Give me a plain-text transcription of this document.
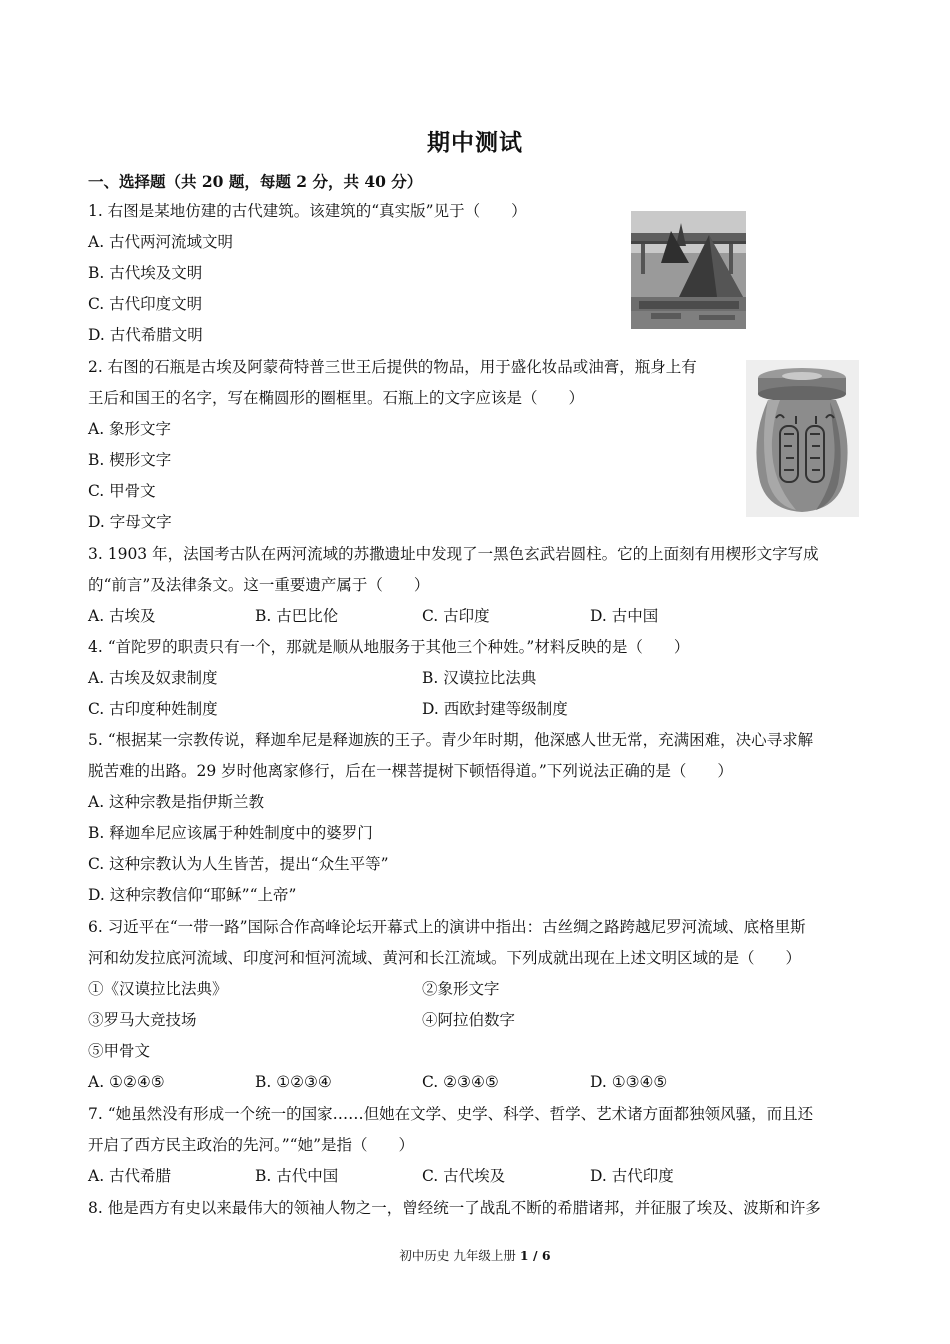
期中测试
一、选择题（共 20 题，每题 2 分，共 40 分）
1. 右图是某地仿建的古代建筑。该建筑的“真实版”见于（　　）
A. 古代两河流域文明
B. 古代埃及文明
C. 古代印度文明
D. 古代希腊文明
2. 右图的石瓶是古埃及阿蒙荷特普三世王后提供的物品，用于盛化妆品或油膏，瓶身上有
王后和国王的名字，写在椭圆形的圈框里。石瓶上的文字应该是（　　）
A. 象形文字
B. 楔形文字
C. 甲骨文
D. 字母文字
3. 1903 年，法国考古队在两河流域的苏撒遗址中发现了一黑色玄武岩圆柱。它的上面刻有用楔形文字写成
的“前言”及法律条文。这一重要遗产属于（　　）
A. 古埃及	B. 古巴比伦	C. 古印度	D. 古中国
4. “首陀罗的职责只有一个，那就是顺从地服务于其他三个种姓。”材料反映的是（　　）
A. 古埃及奴隶制度	B. 汉谟拉比法典
C. 古印度种姓制度	D. 西欧封建等级制度
5. “根据某一宗教传说，释迦牟尼是释迦族的王子。青少年时期，他深感人世无常，充满困难，决心寻求解
脱苦难的出路。29 岁时他离家修行，后在一棵菩提树下顿悟得道。”下列说法正确的是（　　）
A. 这种宗教是指伊斯兰教
B. 释迦牟尼应该属于种姓制度中的婆罗门
C. 这种宗教认为人生皆苦，提出“众生平等”
D. 这种宗教信仰“耶稣”“上帝”
6. 习近平在“一带一路”国际合作高峰论坛开幕式上的演讲中指出：古丝绸之路跨越尼罗河流域、底格里斯
河和幼发拉底河流域、印度河和恒河流域、黄河和长江流域。下列成就出现在上述文明区域的是（　　）
①《汉谟拉比法典》	②象形文字
③罗马大竞技场	④阿拉伯数字
⑤甲骨文
A. ①②④⑤	B. ①②③④	C. ②③④⑤	D. ①③④⑤
7. “她虽然没有形成一个统一的国家……但她在文学、史学、科学、哲学、艺术诸方面都独领风骚，而且还
开启了西方民主政治的先河。”“她”是指（　　）
A. 古代希腊	B. 古代中国	C. 古代埃及	D. 古代印度
8. 他是西方有史以来最伟大的领袖人物之一，曾经统一了战乱不断的希腊诸邦，并征服了埃及、波斯和许多
初中历史 九年级上册 1 / 6
